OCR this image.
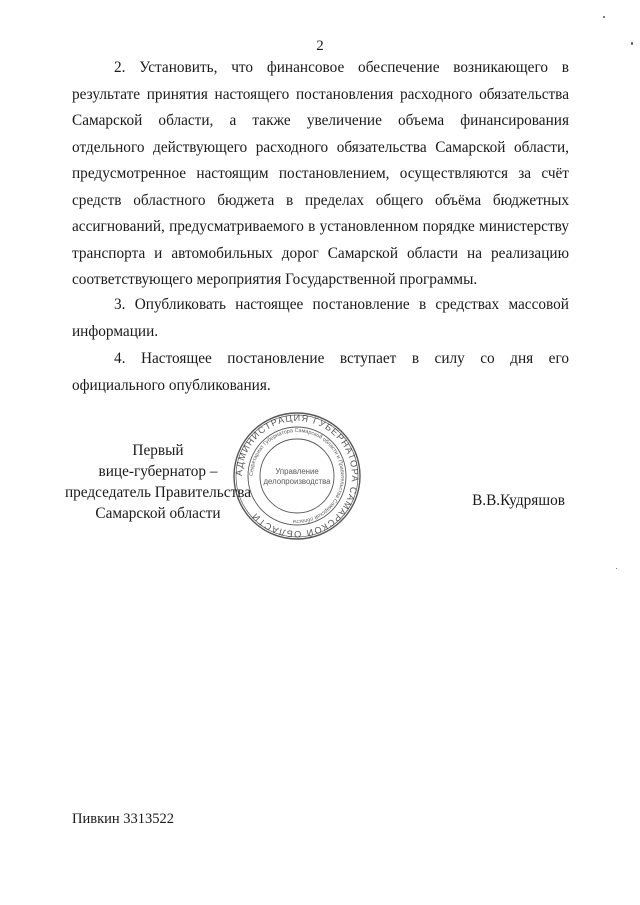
2

2. Установить, что финансовое обеспечение возникающего в результате принятия настоящего постановления расходного обязательства Самарской области, а также увеличение объема финансирования отдельного действующего расходного обязательства Самарской области, предусмотренное настоящим постановлением, осуществляются за счёт средств областного бюджета в пределах общего объёма бюджетных ассигнований, предусматриваемого в установленном порядке министерству транспорта и автомобильных дорог Самарской области на реализацию соответствующего мероприятия Государственной программы.

3. Опубликовать настоящее постановление в средствах массовой информации.

4. Настоящее постановление вступает в силу со дня его официального опубликования.

Первый
вице-губернатор –
председатель Правительства
Самарской области
АДМИНИСТРАЦИЯ ГУБЕРНАТОРА САМАРСКОЙ ОБЛАСТИ
Секретариат Губернатора Самарской области и Правительства Самарской области
Управление
делопроизводства
В.В.Кудряшов
Пивкин 3313522
